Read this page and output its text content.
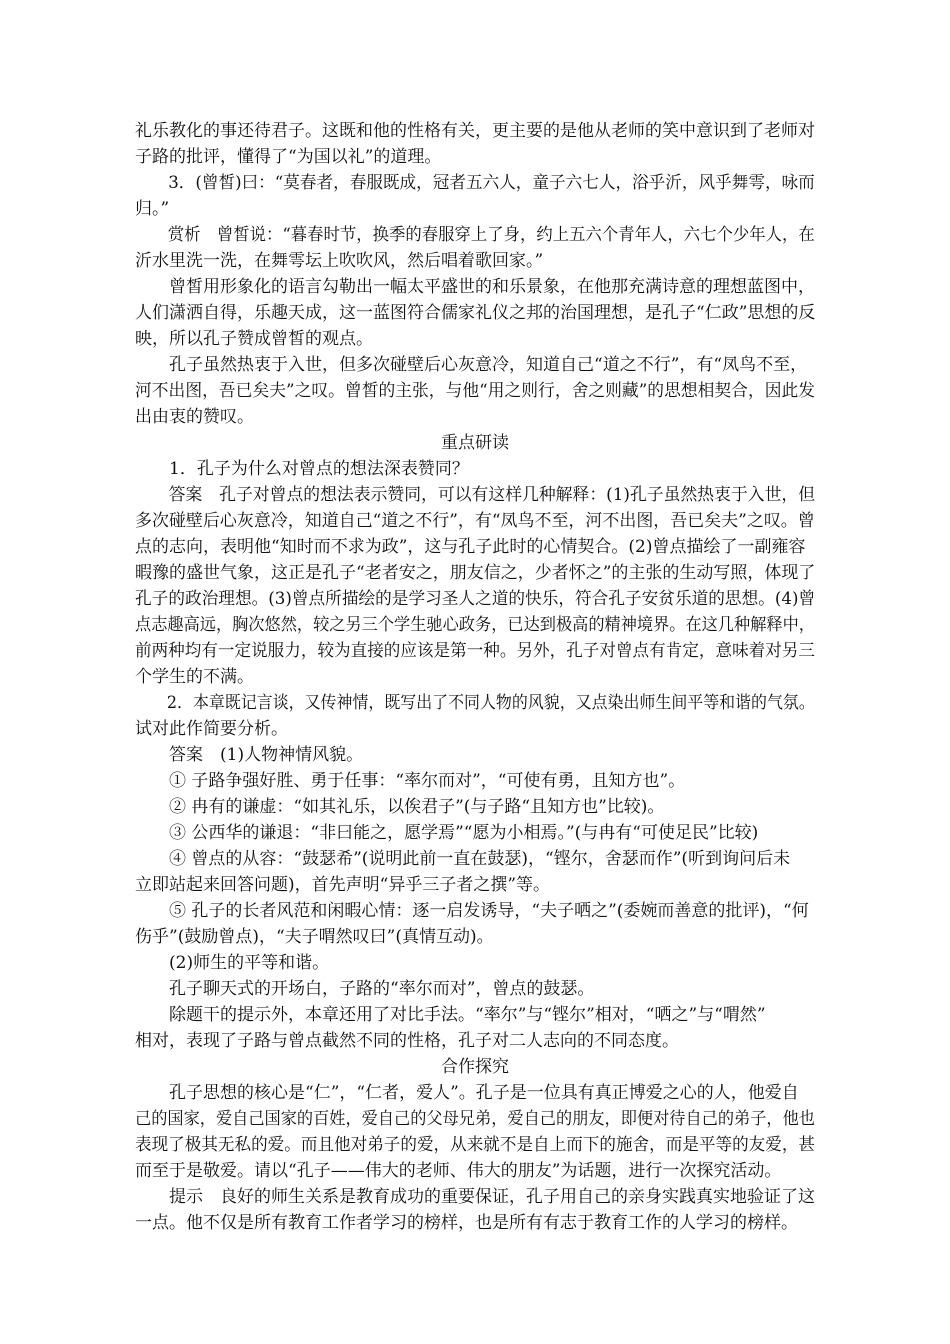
礼乐教化的事还待君子。这既和他的性格有关，更主要的是他从老师的笑中意识到了老师对
子路的批评，懂得了“为国以礼”的道理。
　　3．(曾皙)曰：“莫春者，春服既成，冠者五六人，童子六七人，浴乎沂，风乎舞雩，咏而
归。”
　　赏析　曾皙说：“暮春时节，换季的春服穿上了身，约上五六个青年人，六七个少年人，在
沂水里洗一洗，在舞雩坛上吹吹风，然后唱着歌回家。”
　　曾皙用形象化的语言勾勒出一幅太平盛世的和乐景象，在他那充满诗意的理想蓝图中，
人们潇洒自得，乐趣天成，这一蓝图符合儒家礼仪之邦的治国理想，是孔子“仁政”思想的反
映，所以孔子赞成曾皙的观点。
　　孔子虽然热衷于入世，但多次碰壁后心灰意冷，知道自己“道之不行”，有“凤鸟不至，
河不出图，吾已矣夫”之叹。曾皙的主张，与他“用之则行，舍之则藏”的思想相契合，因此发
出由衷的赞叹。
重点研读
　　1．孔子为什么对曾点的想法深表赞同？
　　答案　孔子对曾点的想法表示赞同，可以有这样几种解释：(1)孔子虽然热衷于入世，但
多次碰壁后心灰意冷，知道自己“道之不行”，有“凤鸟不至，河不出图，吾已矣夫”之叹。曾
点的志向，表明他“知时而不求为政”，这与孔子此时的心情契合。(2)曾点描绘了一副雍容
暇豫的盛世气象，这正是孔子“老者安之，朋友信之，少者怀之”的主张的生动写照，体现了
孔子的政治理想。(3)曾点所描绘的是学习圣人之道的快乐，符合孔子安贫乐道的思想。(4)曾
点志趣高远，胸次悠然，较之另三个学生驰心政务，已达到极高的精神境界。在这几种解释中，
前两种均有一定说服力，较为直接的应该是第一种。另外，孔子对曾点有肯定，意味着对另三
个学生的不满。
　　2．本章既记言谈，又传神情，既写出了不同人物的风貌，又点染出师生间平等和谐的气氛。
试对此作简要分析。
　　答案　(1)人物神情风貌。
　　① 子路争强好胜、勇于任事：“率尔而对”，“可使有勇，且知方也”。
　　② 冉有的谦虚：“如其礼乐，以俟君子”(与子路“且知方也”比较)。
　　③ 公西华的谦退：“非曰能之，愿学焉”“愿为小相焉。”(与冉有“可使足民”比较)
　　④ 曾点的从容：“鼓瑟希”(说明此前一直在鼓瑟)，“铿尔，舍瑟而作”(听到询问后未
立即站起来回答问题)，首先声明“异乎三子者之撰”等。
　　⑤ 孔子的长者风范和闲暇心情：逐一启发诱导，“夫子哂之”(委婉而善意的批评)，“何
伤乎”(鼓励曾点)，“夫子喟然叹曰”(真情互动)。
　　(2)师生的平等和谐。
　　孔子聊天式的开场白，子路的“率尔而对”，曾点的鼓瑟。
　　除题干的提示外，本章还用了对比手法。“率尔”与“铿尔”相对，“哂之”与“喟然”
相对，表现了子路与曾点截然不同的性格，孔子对二人志向的不同态度。
合作探究
　　孔子思想的核心是“仁”，“仁者，爱人”。孔子是一位具有真正博爱之心的人，他爱自
己的国家，爱自己国家的百姓，爱自己的父母兄弟，爱自己的朋友，即便对待自己的弟子，他也
表现了极其无私的爱。而且他对弟子的爱，从来就不是自上而下的施舍，而是平等的友爱，甚
而至于是敬爱。请以“孔子——伟大的老师、伟大的朋友”为话题，进行一次探究活动。
　　提示　良好的师生关系是教育成功的重要保证，孔子用自己的亲身实践真实地验证了这
一点。他不仅是所有教育工作者学习的榜样，也是所有有志于教育工作的人学习的榜样。
